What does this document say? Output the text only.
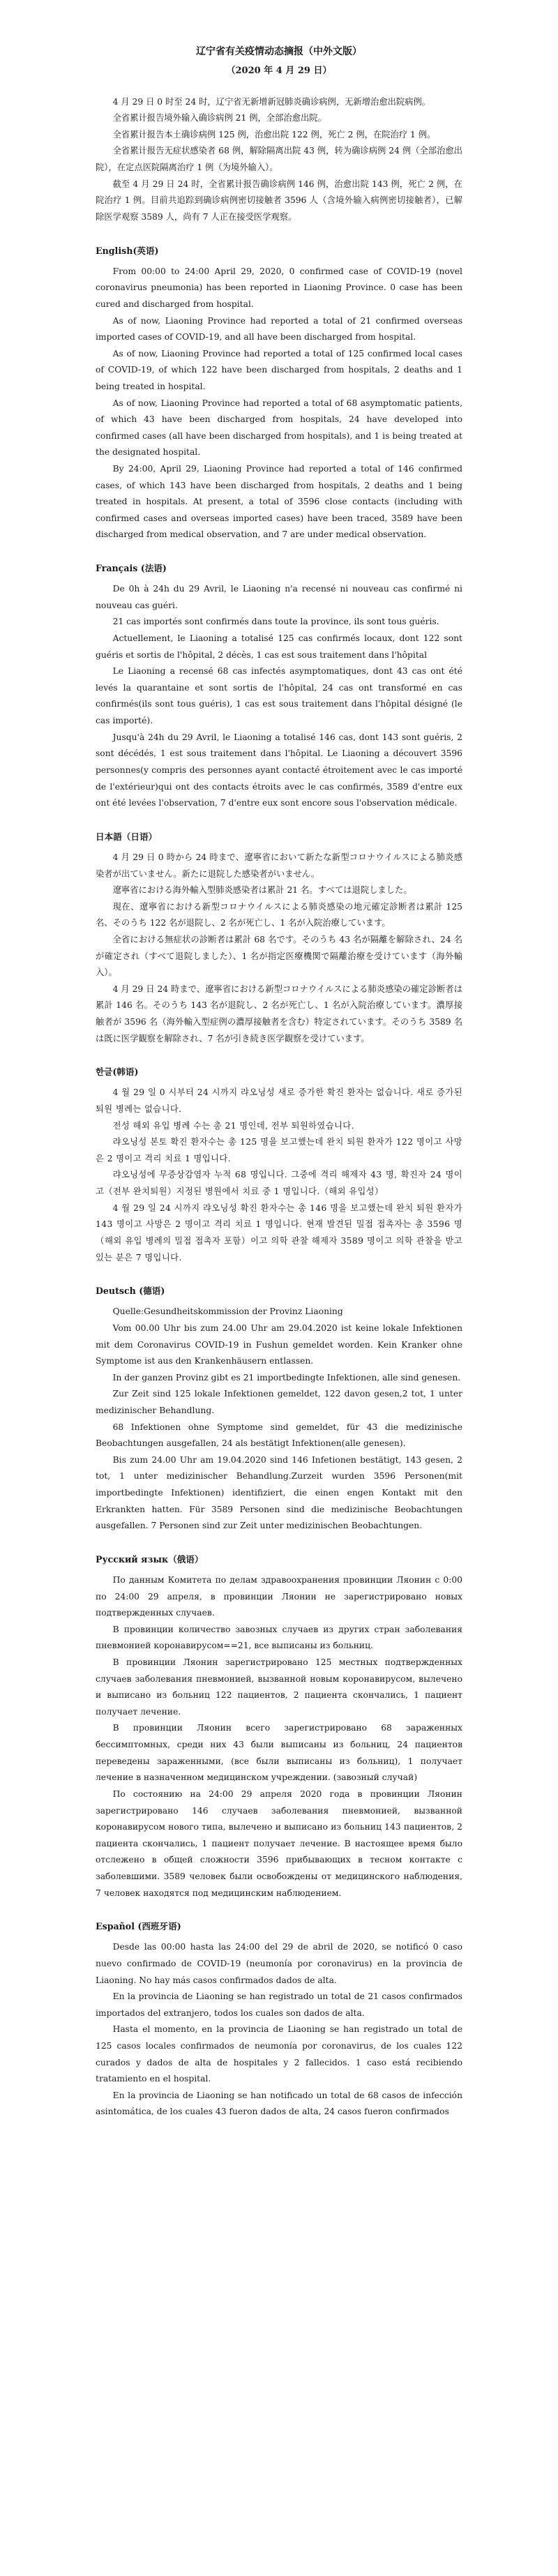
辽宁省有关疫情动态摘报（中外文版）
（2020 年 4 月 29 日）

4 月 29 日 0 时至 24 时，辽宁省无新增新冠肺炎确诊病例，无新增治愈出院病例。

全省累计报告境外输入确诊病例 21 例，全部治愈出院。

全省累计报告本土确诊病例 125 例，治愈出院 122 例，死亡 2 例，在院治疗 1 例。

全省累计报告无症状感染者 68 例，解除隔离出院 43 例，转为确诊病例 24 例（全部治愈出院），在定点医院隔离治疗 1 例（为境外输入）。

截至 4 月 29 日 24 时，全省累计报告确诊病例 146 例，治愈出院 143 例，死亡 2 例，在院治疗 1 例。目前共追踪到确诊病例密切接触者 3596 人（含境外输入病例密切接触者），已解除医学观察 3589 人，尚有 7 人正在接受医学观察。

English(英语)

From 00:00 to 24:00 April 29, 2020, 0 confirmed case of COVID-19 (novel coronavirus pneumonia) has been reported in Liaoning Province. 0 case has been cured and discharged from hospital.

As of now, Liaoning Province had reported a total of 21 confirmed overseas imported cases of COVID-19, and all have been discharged from hospital.

As of now, Liaoning Province had reported a total of 125 confirmed local cases of COVID-19, of which 122 have been discharged from hospitals, 2 deaths and 1 being treated in hospital.

As of now, Liaoning Province had reported a total of 68 asymptomatic patients, of which 43 have been discharged from hospitals, 24 have developed into confirmed cases (all have been discharged from hospitals), and 1 is being treated at the designated hospital.

By 24:00, April 29, Liaoning Province had reported a total of 146 confirmed cases, of which 143 have been discharged from hospitals, 2 deaths and 1 being treated in hospitals. At present, a total of 3596 close contacts (including with confirmed cases and overseas imported cases) have been traced, 3589 have been discharged from medical observation, and 7 are under medical observation.

Français (法语)

De 0h à 24h du 29 Avril, le Liaoning n'a recensé ni nouveau cas confirmé ni nouveau cas guéri.

21 cas importés sont confirmés dans toute la province, ils sont tous guéris.

Actuellement, le Liaoning a totalisé 125 cas confirmés locaux, dont 122 sont guéris et sortis de l'hôpital, 2 décès, 1 cas est sous traitement dans l'hôpital

Le Liaoning a recensé 68 cas infectés asymptomatiques, dont 43 cas ont été levés la quarantaine et sont sortis de l'hôpital, 24 cas ont transformé en cas confirmés(ils sont tous guéris), 1 cas est sous traitement dans l'hôpital désigné (le cas importé).

Jusqu'à 24h du 29 Avril, le Liaoning a totalisé 146 cas, dont 143 sont guéris, 2 sont décédés, 1 est sous traitement dans l'hôpital. Le Liaoning a découvert 3596 personnes(y compris des personnes ayant contacté étroitement avec le cas importé de l'extérieur)qui ont des contacts étroits avec le cas confirmés, 3589 d'entre eux ont été levées l'observation, 7 d'entre eux sont encore sous l'observation médicale.

日本語（日语）

4 月 29 日 0 時から 24 時まで、遼寧省において新たな新型コロナウイルスによる肺炎感染者が出ていません。新たに退院した感染者がいません。

遼寧省における海外輸入型肺炎感染者は累計 21 名。すべては退院しました。

現在、遼寧省における新型コロナウイルスによる肺炎感染の地元確定診断者は累計 125 名、そのうち 122 名が退院し、2 名が死亡し、1 名が入院治療しています。

全省における無症状の診断者は累計 68 名です。そのうち 43 名が隔離を解除され、24 名が確定され（すべて退院しました）、1 名が指定医療機関で隔離治療を受けています（海外輸入）。

4 月 29 日 24 時まで、遼寧省における新型コロナウイルスによる肺炎感染の確定診断者は累計 146 名。そのうち 143 名が退院し、2 名が死亡し、1 名が入院治療しています。濃厚接触者が 3596 名（海外輸入型症例の濃厚接触者を含む）特定されています。そのうち 3589 名は既に医学観察を解除され、7 名が引き続き医学観察を受けています。

한글(韩语)

4 월 29 일 0 시부터 24 시까지 랴오닝성 새로 증가한 확진 환자는 없습니다. 새로 증가된 퇴원 병례는 없습니다.

전성 해외 유입 병례 수는 총 21 명인데, 전부 퇴원하였습니다.

랴오닝성 본토 확진 환자수는 총 125 명을 보고했는데 완치 퇴원 환자가 122 명이고 사망은 2 명이고 격리 치료 1 명입니다.

랴오닝성에 무증상감염자 누적 68 명입니다. 그중에 격리 해제자 43 명, 확진자 24 명이고（전부 완치퇴원）지정된 병원에서 치료 중 1 명입니다.（해외 유입성）

4 월 29 일 24 시까지 랴오닝성 확진 환자수는 총 146 명을 보고했는데 완치 퇴원 환자가 143 명이고 사망은 2 명이고 격리 치료 1 명입니다. 현재 발견된 밀접 접촉자는 총 3596 명（해외 유입 병례의 밀접 접촉자 포함）이고 의학 관찰 해제자 3589 명이고 의학 관찰을 받고 있는 분은 7 명입니다.

Deutsch (德语)

Quelle:Gesundheitskommission der Provinz Liaoning

Vom 00.00 Uhr bis zum 24.00 Uhr am 29.04.2020 ist keine lokale Infektionen mit dem Coronavirus COVID-19 in Fushun gemeldet worden. Kein Kranker ohne Symptome ist aus den Krankenhäusern entlassen.

In der ganzen Provinz gibt es 21 importbedingte Infektionen, alle sind genesen.

Zur Zeit sind 125 lokale Infektionen gemeldet, 122 davon gesen,2 tot, 1 unter medizinischer Behandlung.

68 Infektionen ohne Symptome sind gemeldet, für 43 die medizinische Beobachtungen ausgefallen, 24 als bestätigt Infektionen(alle genesen).

Bis zum 24.00 Uhr am 19.04.2020 sind 146 Infetionen bestätigt, 143 gesen, 2 tot, 1 unter medizinischer Behandlung.Zurzeit wurden 3596 Personen(mit importbedingte Infektionen) identifiziert, die einen engen Kontakt mit den Erkrankten hatten. Für 3589 Personen sind die medizinische Beobachtungen ausgefallen. 7 Personen sind zur Zeit unter medizinischen Beobachtungen.

Русский язык（俄语）

По данным Комитета по делам здравоохранения провинции Ляонин с 0:00 по 24:00 29 апреля, в провинции Ляонин не зарегистрировано новых подтвержденных случаев.

В провинции количество завозных случаев из других стран заболевания пневмонией коронавирусом==21, все выписаны из больниц.

В провинции Ляонин зарегистрировано 125 местных подтвержденных случаев заболевания пневмонией, вызванной новым коронавирусом, вылечено и выписано из больниц 122 пациентов, 2 пациента скончались, 1 пациент получает лечение.

В провинции Ляонин всего зарегистрировано 68 зараженных бессимптомных, среди них 43 были выписаны из больниц, 24 пациентов переведены зараженными, (все были выписаны из больниц), 1 получает лечение в назначенном медицинском учреждении. (завозный случай)

По состоянию на 24:00 29 апреля 2020 года в провинции Ляонин зарегистрировано 146 случаев заболевания пневмонией, вызванной коронавирусом нового типа, вылечено и выписано из больниц 143 пациентов, 2 пациента скончались, 1 пациент получает лечение. В настоящее время было отслежено в общей сложности 3596 прибывающих в тесном контакте с заболевшими. 3589 человек были освобождены от медицинского наблюдения, 7 человек находятся под медицинским наблюдением.

Español (西班牙语)

Desde las 00:00 hasta las 24:00 del 29 de abril de 2020, se notificó 0 caso nuevo confirmado de COVID-19 (neumonía por coronavirus) en la provincia de Liaoning. No hay más casos confirmados dados de alta.

En la provincia de Liaoning se han registrado un total de 21 casos confirmados importados del extranjero, todos los cuales son dados de alta.

Hasta el momento, en la provincia de Liaoning se han registrado un total de 125 casos locales confirmados de neumonía por coronavirus, de los cuales 122 curados y dados de alta de hospitales y 2 fallecidos. 1 caso está recibiendo tratamiento en el hospital.

En la provincia de Liaoning se han notificado un total de 68 casos de infección asintomática, de los cuales 43 fueron dados de alta, 24 casos fueron confirmados
